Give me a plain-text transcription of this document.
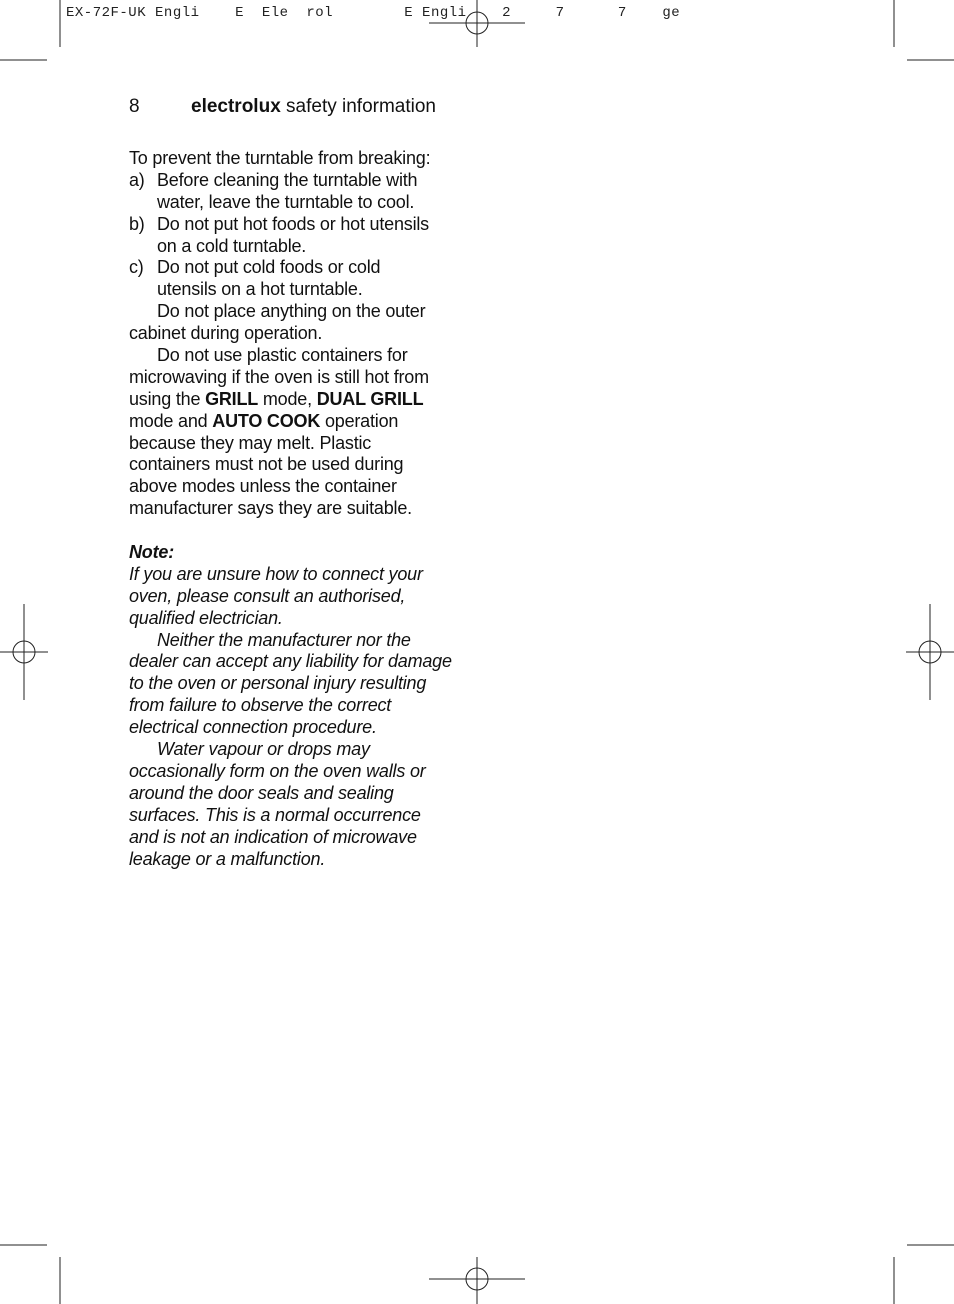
EX-72F-UK Engli    E  Ele  rol        E Engli    2     7      7    ge
8	electrolux safety information
To prevent the turntable from breaking:
a) Before cleaning the turntable with
water, leave the turntable to cool.
b) Do not put hot foods or hot utensils
on a cold turntable.
c) Do not put cold foods or cold
utensils on a hot turntable.
Do not place anything on the outer
cabinet during operation.
Do not use plastic containers for
microwaving if the oven is still hot from
using the GRILL mode, DUAL GRILL
mode and AUTO COOK operation
because they may melt. Plastic
containers must not be used during
above modes unless the container
manufacturer says they are suitable.
Note:
If you are unsure how to connect your
oven, please consult an authorised,
qualified electrician.
Neither the manufacturer nor the
dealer can accept any liability for damage
to the oven or personal injury resulting
from failure to observe the correct
electrical connection procedure.
Water vapour or drops may
occasionally form on the oven walls or
around the door seals and sealing
surfaces. This is a normal occurrence
and is not an indication of microwave
leakage or a malfunction.
